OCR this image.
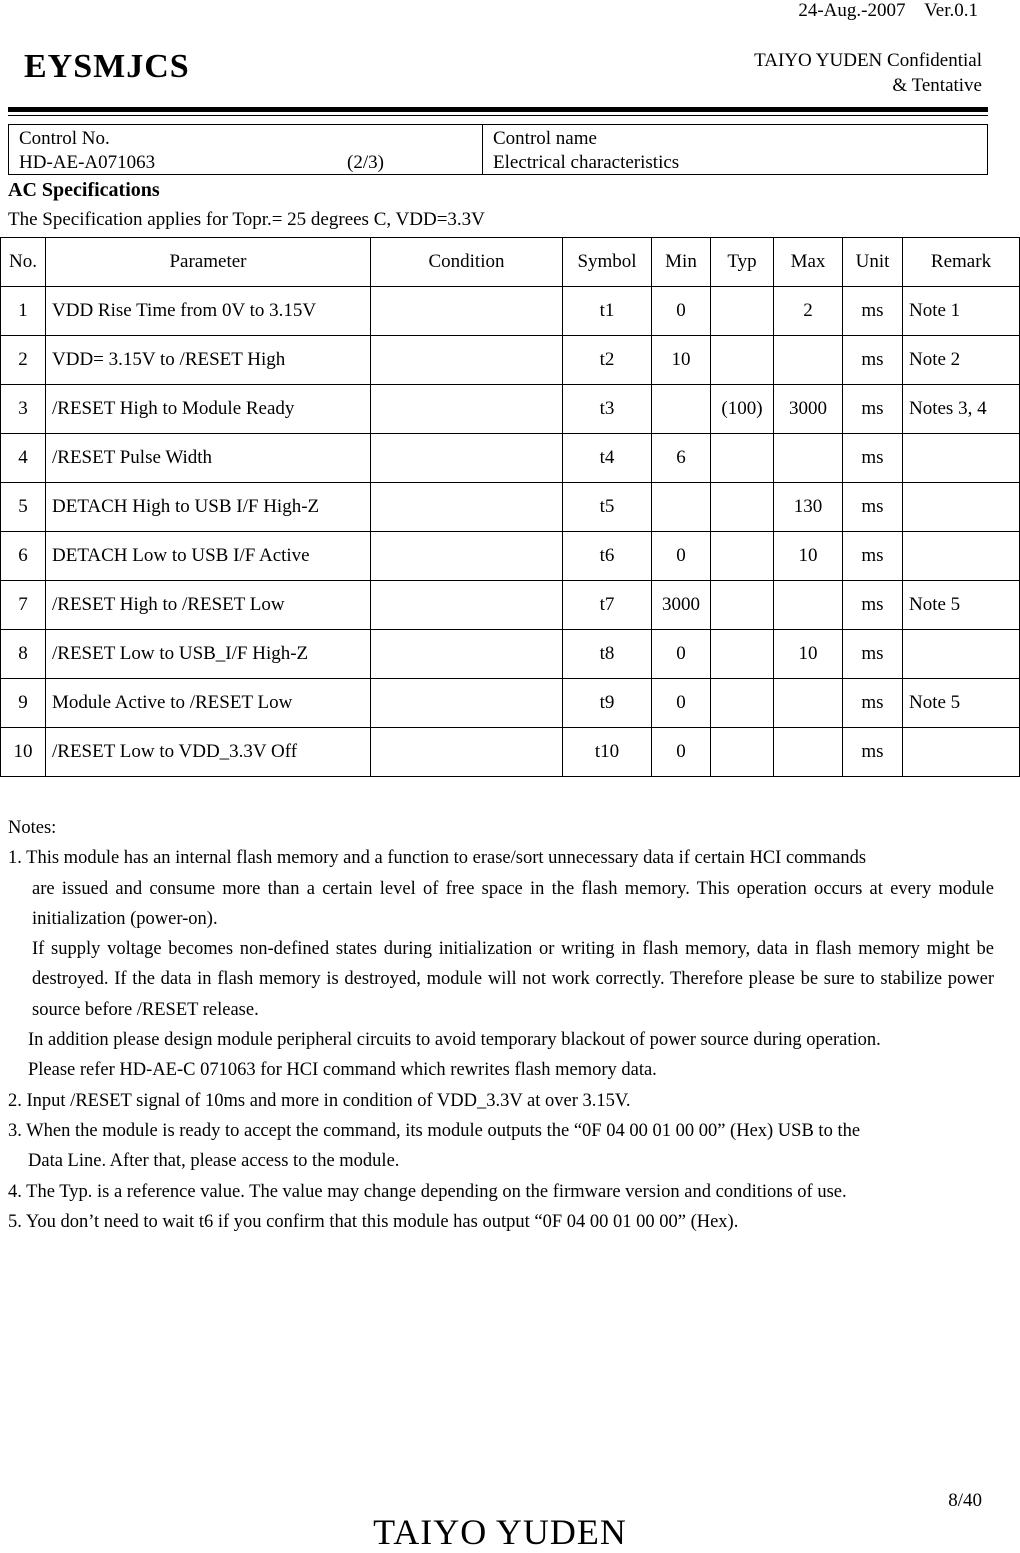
24-Aug.-2007 Ver.0.1
EYSMJCS	TAIYO YUDEN Confidential
& Tentative
Control No.
HD-AE-A071063	(2/3)
Control name
Electrical characteristics
AC Specifications
The Specification applies for Topr.= 25 degrees C, VDD=3.3V
No.	Parameter	Condition	Symbol	Min	Typ	Max	Unit	Remark
1	VDD Rise Time from 0V to 3.15V		t1	0		2	ms	Note 1
2	VDD= 3.15V to /RESET High		t2	10			ms	Note 2
3	/RESET High to Module Ready		t3		(100)	3000	ms	Notes 3, 4
4	/RESET Pulse Width		t4	6			ms	
5	DETACH High to USB I/F High-Z		t5			130	ms	
6	DETACH Low to USB I/F Active		t6	0		10	ms	
7	/RESET High to /RESET Low		t7	3000			ms	Note 5
8	/RESET Low to USB_I/F High-Z		t8	0		10	ms	
9	Module Active to /RESET Low		t9	0			ms	Note 5
10	/RESET Low to VDD_3.3V Off		t10	0			ms	

Notes:

1. This module has an internal flash memory and a function to erase/sort unnecessary data if certain HCI commands

are issued and consume more than a certain level of free space in the flash memory. This operation occurs at every module initialization (power-on).

If supply voltage becomes non-defined states during initialization or writing in flash memory, data in flash memory might be destroyed. If the data in flash memory is destroyed, module will not work correctly. Therefore please be sure to stabilize power source before /RESET release.

In addition please design module peripheral circuits to avoid temporary blackout of power source during operation.

Please refer HD-AE-C 071063 for HCI command which rewrites flash memory data.

2. Input /RESET signal of 10ms and more in condition of VDD_3.3V at over 3.15V.

3. When the module is ready to accept the command, its module outputs the “0F 04 00 01 00 00” (Hex) USB to the

Data Line. After that, please access to the module.

4. The Typ. is a reference value. The value may change depending on the firmware version and conditions of use.

5. You don’t need to wait t6 if you confirm that this module has output “0F 04 00 01 00 00” (Hex).

8/40
TAIYO YUDEN
